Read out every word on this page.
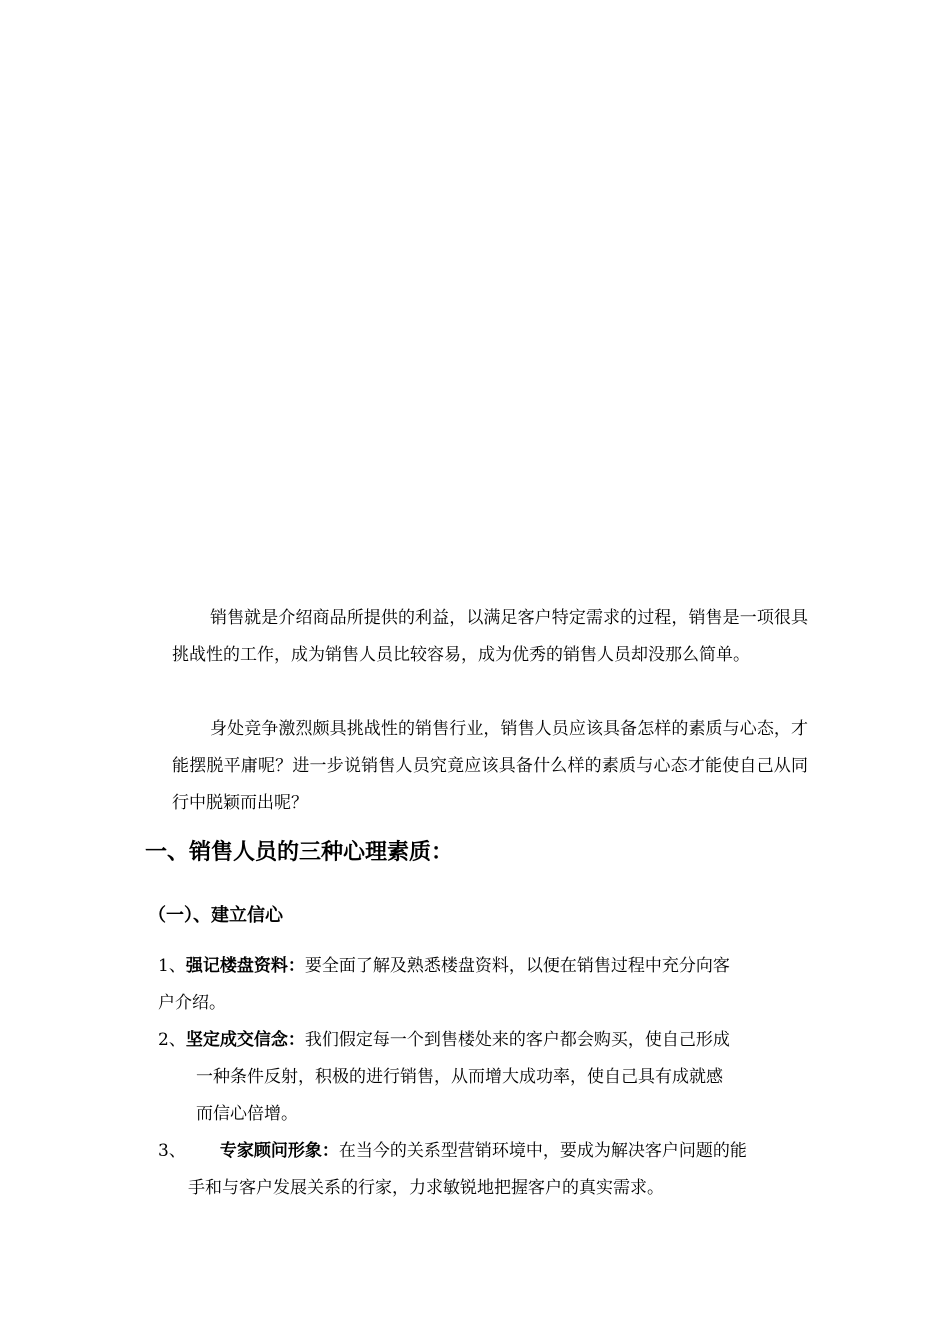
销售就是介绍商品所提供的利益，以满足客户特定需求的过程，销售是一项很具挑战性的工作，成为销售人员比较容易，成为优秀的销售人员却没那么简单。

身处竞争激烈颇具挑战性的销售行业，销售人员应该具备怎样的素质与心态，才能摆脱平庸呢？进一步说销售人员究竟应该具备什么样的素质与心态才能使自己从同行中脱颖而出呢？

一、销售人员的三种心理素质：
（一）、建立信心
1、强记楼盘资料：要全面了解及熟悉楼盘资料，以便在销售过程中充分向客
户介绍。
2、坚定成交信念：我们假定每一个到售楼处来的客户都会购买，使自己形成
一种条件反射，积极的进行销售，从而增大成功率，使自己具有成就感
而信心倍增。
3、 专家顾问形象：在当今的关系型营销环境中，要成为解决客户问题的能
手和与客户发展关系的行家，力求敏锐地把握客户的真实需求。
